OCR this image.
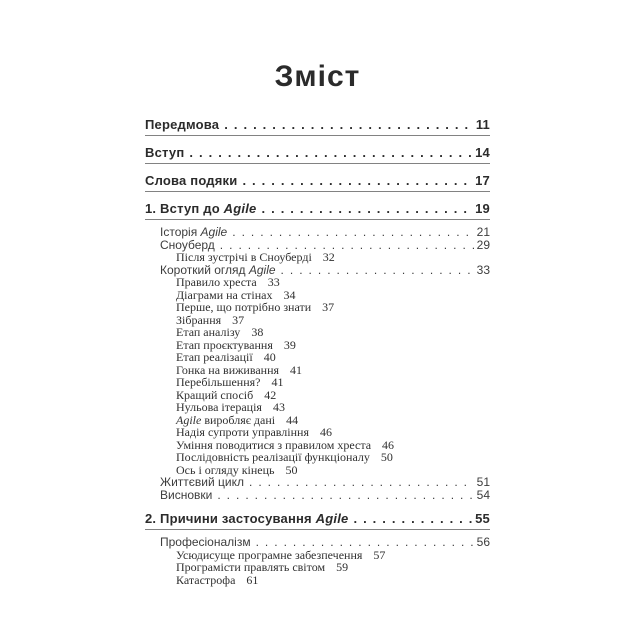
Зміст
Передмова .....	11
Вступ .....	14
Слова подяки .....	17
1. Вступ до Agile .....	19
Історія Agile .....	21
Сноуберд .....	29
Після зустрічі в Сноуберді 32
Короткий огляд Agile .....	33
Правило хреста 33
Діаграми на стінах 34
Перше, що потрібно знати 37
Зібрання 37
Етап аналізу 38
Етап проєктування 39
Етап реалізації 40
Гонка на виживання 41
Перебільшення? 41
Кращий спосіб 42
Нульова ітерація 43
Agile виробляє дані 44
Надія супроти управління 46
Уміння поводитися з правилом хреста 46
Послідовність реалізації функціоналу 50
Ось і огляду кінець 50
Життєвий цикл .....	51
Висновки .....	54
2. Причини застосування Agile .....	55
Професіоналізм .....	56
Усюдисуще програмне забезпечення 57
Програмісти правлять світом 59
Катастрофа 61
